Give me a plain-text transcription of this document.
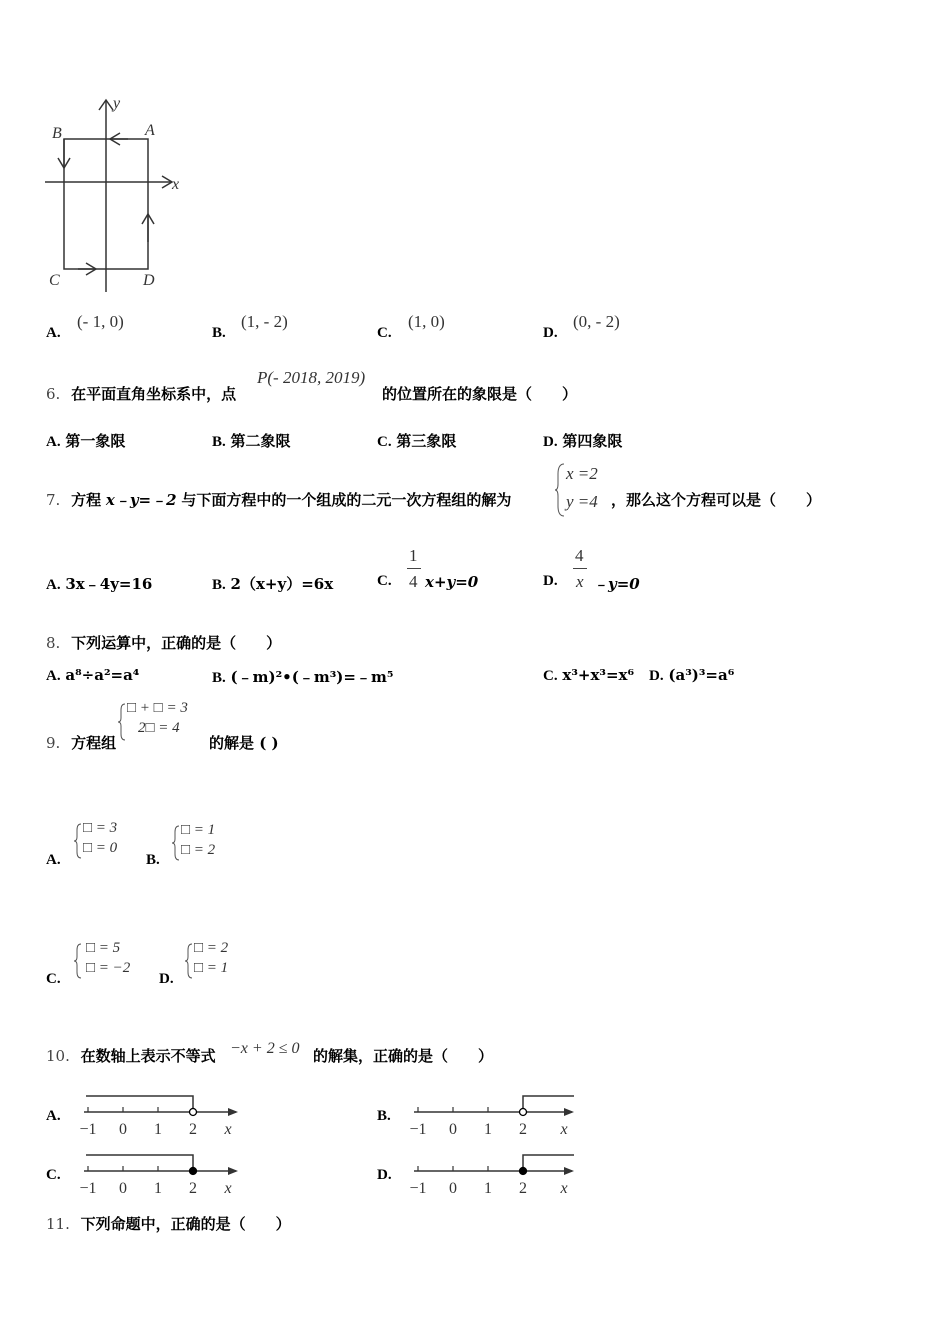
y
x
A
B
C	D
A.
(- 1, 0)
B.
(1, - 2)
C.
(1, 0)
D.
(0, - 2)
6. 在平面直角坐标系中，点
P(- 2018, 2019)
的位置所在的象限是（　　）
A. 第一象限	B. 第二象限	C. 第三象限	D. 第四象限
7. 方程 x﹣y=﹣2 与下面方程中的一个组成的二元一次方程组的解为
x =2
y =4 ，那么这个方程可以是（　　）
A. 3x﹣4y=16	B. 2（x+y）=6x	C.
1
4 x+y=0	D.
4
x ﹣y=0
8. 下列运算中，正确的是（　　）
A. a⁸÷a²=a⁴	B. (﹣m)²•(﹣m³)=﹣m⁵	C. x³+x³=x⁶ D. (a³)³=a⁶
9. 方程组
□ + □ = 3
2□ = 4
的解是 ( )
A.
□ = 3
□ = 0
B.
□ = 1
□ = 2
C.
□ = 5
□ = −2
D.
□ = 2
□ = 1
10. 在数轴上表示不等式 −x + 2 ≤ 0 的解集，正确的是（　　）
A.
−1 0 1 2 x
B.
−1 0 1 2 x
C.
−1 0 1 2 x
D.
−1 0 1 2 x
11. 下列命题中，正确的是（　　）
